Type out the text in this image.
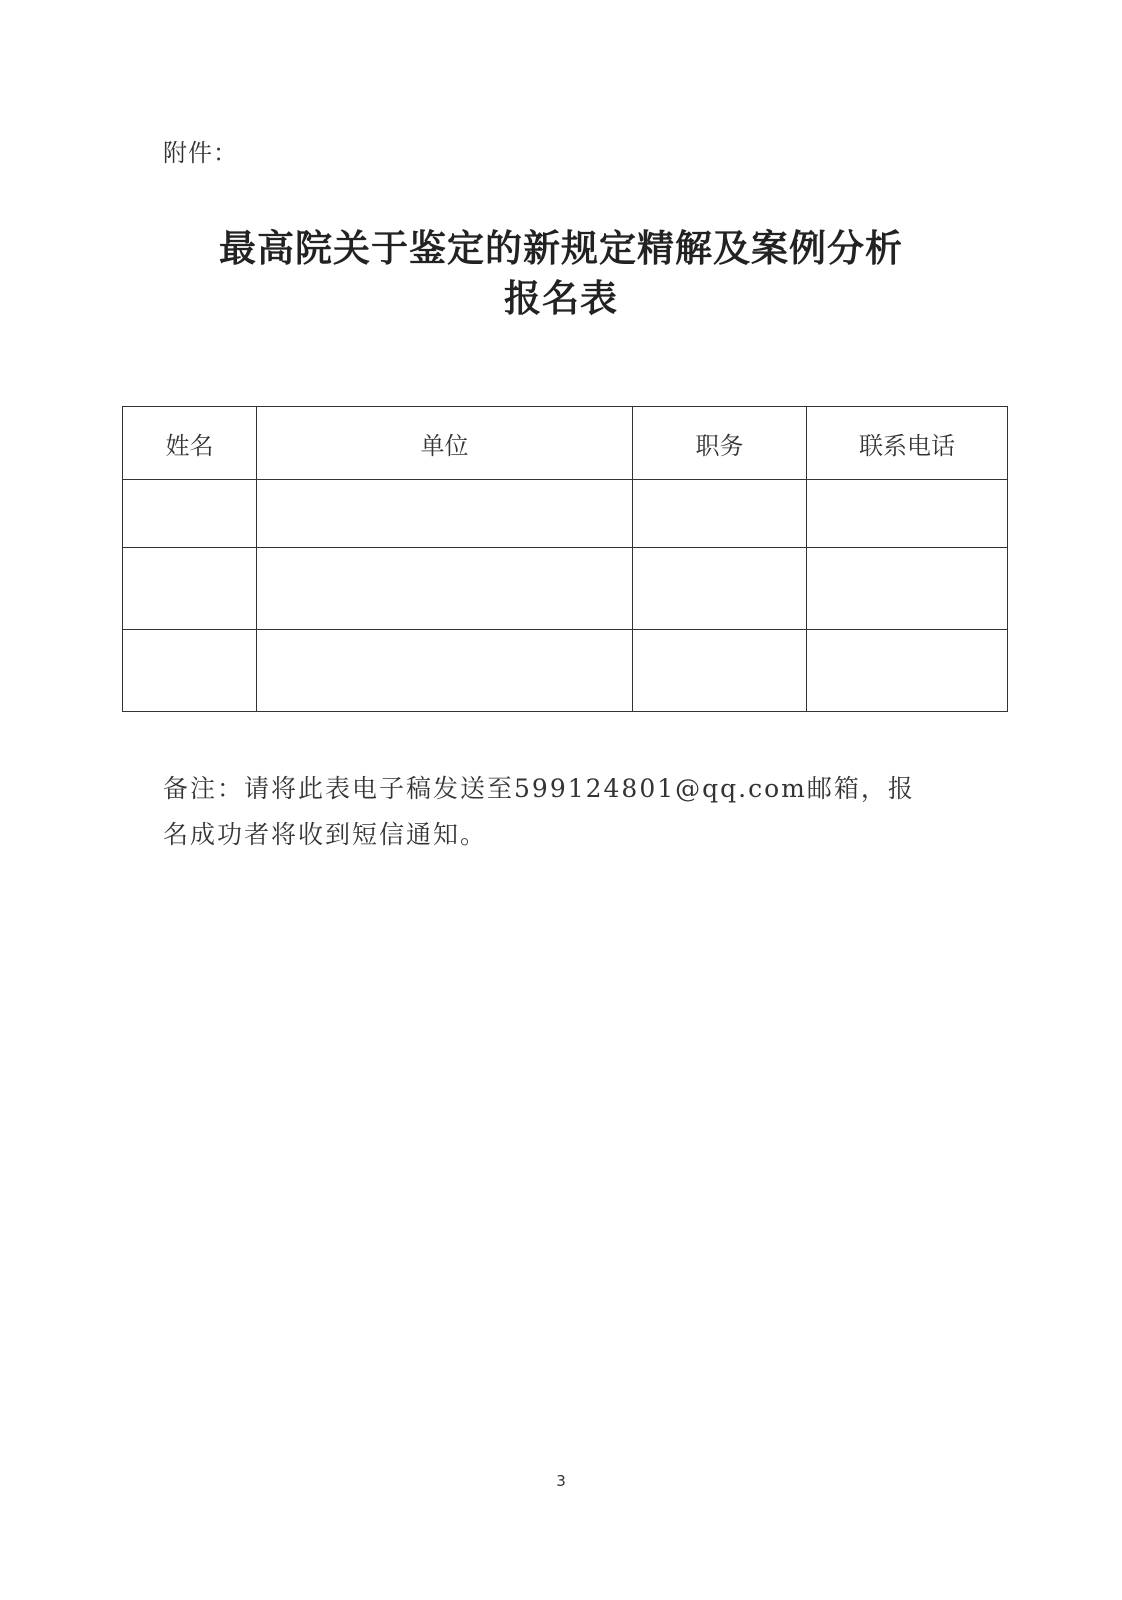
附件：
最高院关于鉴定的新规定精解及案例分析
报名表
姓名	单位	职务	联系电话

备注：请将此表电子稿发送至599124801@qq.com邮箱，报
名成功者将收到短信通知。
3
